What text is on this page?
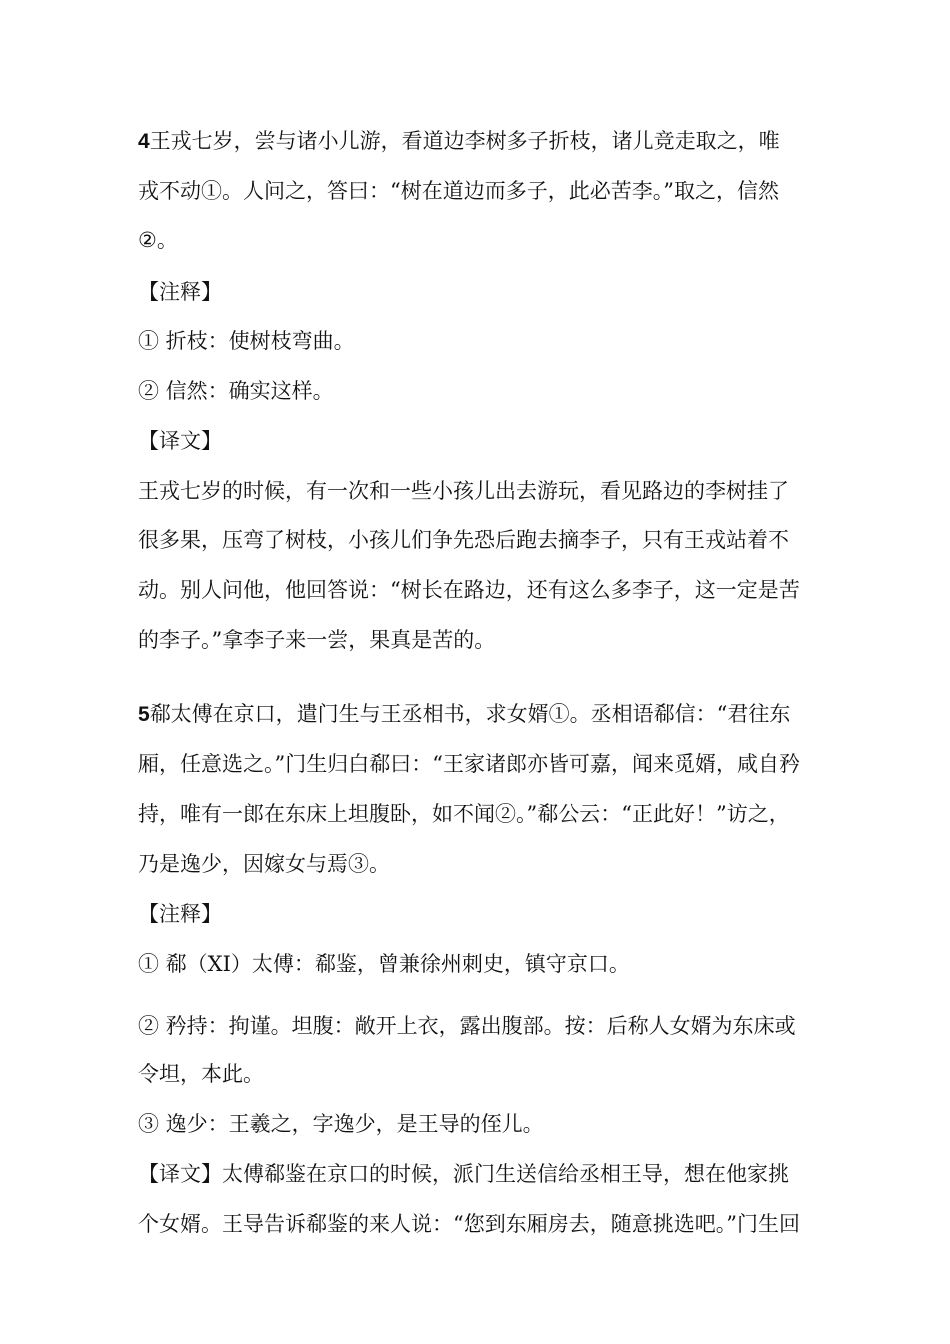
4王戎七岁，尝与诸小儿游，看道边李树多子折枝，诸儿竞走取之，唯
戎不动①。人问之，答曰：“树在道边而多子，此必苦李。”取之，信然
②。
【注释】
① 折枝：使树枝弯曲。
② 信然：确实这样。
【译文】
王戎七岁的时候，有一次和一些小孩儿出去游玩，看见路边的李树挂了
很多果，压弯了树枝，小孩儿们争先恐后跑去摘李子，只有王戎站着不
动。别人问他，他回答说：“树长在路边，还有这么多李子，这一定是苦
的李子。”拿李子来一尝，果真是苦的。
5郗太傅在京口，遣门生与王丞相书，求女婿①。丞相语郗信：“君往东
厢，任意选之。”门生归白郗曰：“王家诸郎亦皆可嘉，闻来觅婿，咸自矜
持，唯有一郎在东床上坦腹卧，如不闻②。”郗公云：“正此好！”访之，
乃是逸少，因嫁女与焉③。
【注释】
① 郗（XI）太傅：郗鉴，曾兼徐州刺史，镇守京口。
② 矜持：拘谨。坦腹：敞开上衣，露出腹部。按：后称人女婿为东床或
令坦，本此。
③ 逸少：王羲之，字逸少，是王导的侄儿。
【译文】太傅郗鉴在京口的时候，派门生送信给丞相王导，想在他家挑
个女婿。王导告诉郗鉴的来人说：“您到东厢房去，随意挑选吧。”门生回
